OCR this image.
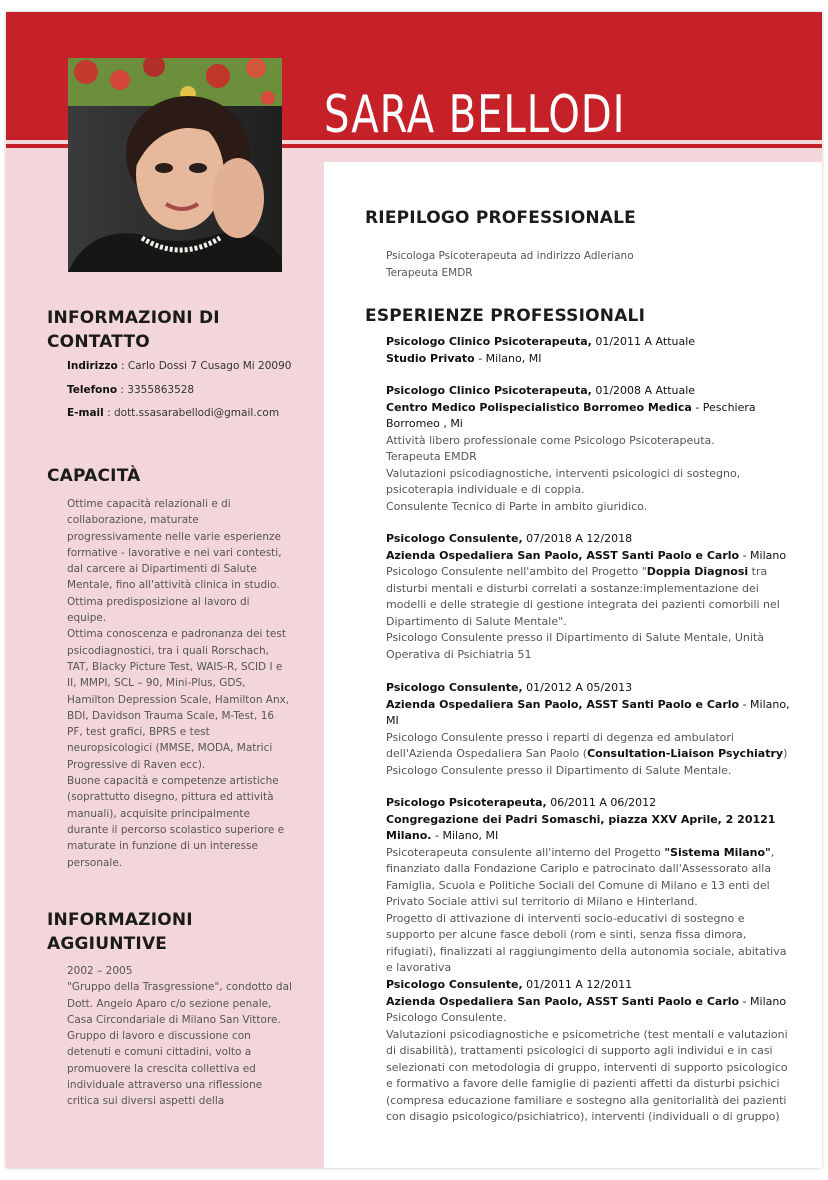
SARA BELLODI
INFORMAZIONI DI CONTATTO
Indirizzo : Carlo Dossi 7 Cusago Mi 20090
Telefono : 3355863528
E-mail : dott.ssasarabellodi@gmail.com
CAPACITÀ
Ottime capacità relazionali e di collaborazione, maturate progressivamente nelle varie esperienze formative - lavorative e nei vari contesti, dal carcere ai Dipartimenti di Salute Mentale, fino all'attività clinica in studio. Ottima predisposizione al lavoro di equipe.
Ottima conoscenza e padronanza dei test psicodiagnostici, tra i quali Rorschach, TAT, Blacky Picture Test, WAIS-R, SCID I e II, MMPI, SCL – 90, Mini-Plus, GDS, Hamilton Depression Scale, Hamilton Anx, BDI, Davidson Trauma Scale, M-Test, 16 PF, test grafici, BPRS e test neuropsicologici (MMSE, MODA, Matrici Progressive di Raven ecc).
Buone capacità e competenze artistiche (soprattutto disegno, pittura ed attività manuali), acquisite principalmente durante il percorso scolastico superiore e maturate in funzione di un interesse personale.
INFORMAZIONI AGGIUNTIVE
2002 – 2005
"Gruppo della Trasgressione", condotto dal Dott. Angelo Aparo c/o sezione penale, Casa Circondariale di Milano San Vittore.
Gruppo di lavoro e discussione con detenuti e comuni cittadini, volto a promuovere la crescita collettiva ed individuale attraverso una riflessione critica sui diversi aspetti della
RIEPILOGO PROFESSIONALE
Psicologa Psicoterapeuta ad indirizzo Adleriano
Terapeuta EMDR
ESPERIENZE PROFESSIONALI

Psicologo Clinico Psicoterapeuta, 01/2011 A Attuale

Studio Privato - Milano, MI

Psicologo Clinico Psicoterapeuta, 01/2008 A Attuale

Centro Medico Polispecialistico Borromeo Medica - Peschiera Borromeo , Mi

Attività libero professionale come Psicologo Psicoterapeuta.

Terapeuta EMDR

Valutazioni psicodiagnostiche, interventi psicologici di sostegno, psicoterapia individuale e di coppia.

Consulente Tecnico di Parte in ambito giuridico.

Psicologo Consulente, 07/2018 A 12/2018

Azienda Ospedaliera San Paolo, ASST Santi Paolo e Carlo - Milano

Psicologo Consulente nell'ambito del Progetto "Doppia Diagnosi tra disturbi mentali e disturbi correlati a sostanze:implementazione dei modelli e delle strategie di gestione integrata dei pazienti comorbili nel Dipartimento di Salute Mentale".

Psicologo Consulente presso il Dipartimento di Salute Mentale, Unità Operativa di Psichiatria 51

Psicologo Consulente, 01/2012 A 05/2013

Azienda Ospedaliera San Paolo, ASST Santi Paolo e Carlo - Milano, MI

Psicologo Consulente presso i reparti di degenza ed ambulatori dell'Azienda Ospedaliera San Paolo (Consultation-Liaison Psychiatry)

Psicologo Consulente presso il Dipartimento di Salute Mentale.

Psicologo Psicoterapeuta, 06/2011 A 06/2012

Congregazione dei Padri Somaschi, piazza XXV Aprile, 2 20121 Milano. - Milano, MI

Psicoterapeuta consulente all'interno del Progetto "Sistema Milano", finanziato dalla Fondazione Cariplo e patrocinato dall'Assessorato alla Famiglia, Scuola e Politiche Sociali del Comune di Milano e 13 enti del Privato Sociale attivi sul territorio di Milano e Hinterland.

Progetto di attivazione di interventi socio-educativi di sostegno e supporto per alcune fasce deboli (rom e sinti, senza fissa dimora, rifugiati), finalizzati al raggiungimento della autonomia sociale, abitativa e lavorativa

Psicologo Consulente, 01/2011 A 12/2011

Azienda Ospedaliera San Paolo, ASST Santi Paolo e Carlo - Milano

Psicologo Consulente.

Valutazioni psicodiagnostiche e psicometriche (test mentali e valutazioni di disabilità), trattamenti psicologici di supporto agli individui e in casi selezionati con metodologia di gruppo, interventi di supporto psicologico e formativo a favore delle famiglie di pazienti affetti da disturbi psichici (compresa educazione familiare e sostegno alla genitorialità dei pazienti con disagio psicologico/psichiatrico), interventi (individuali o di gruppo)
